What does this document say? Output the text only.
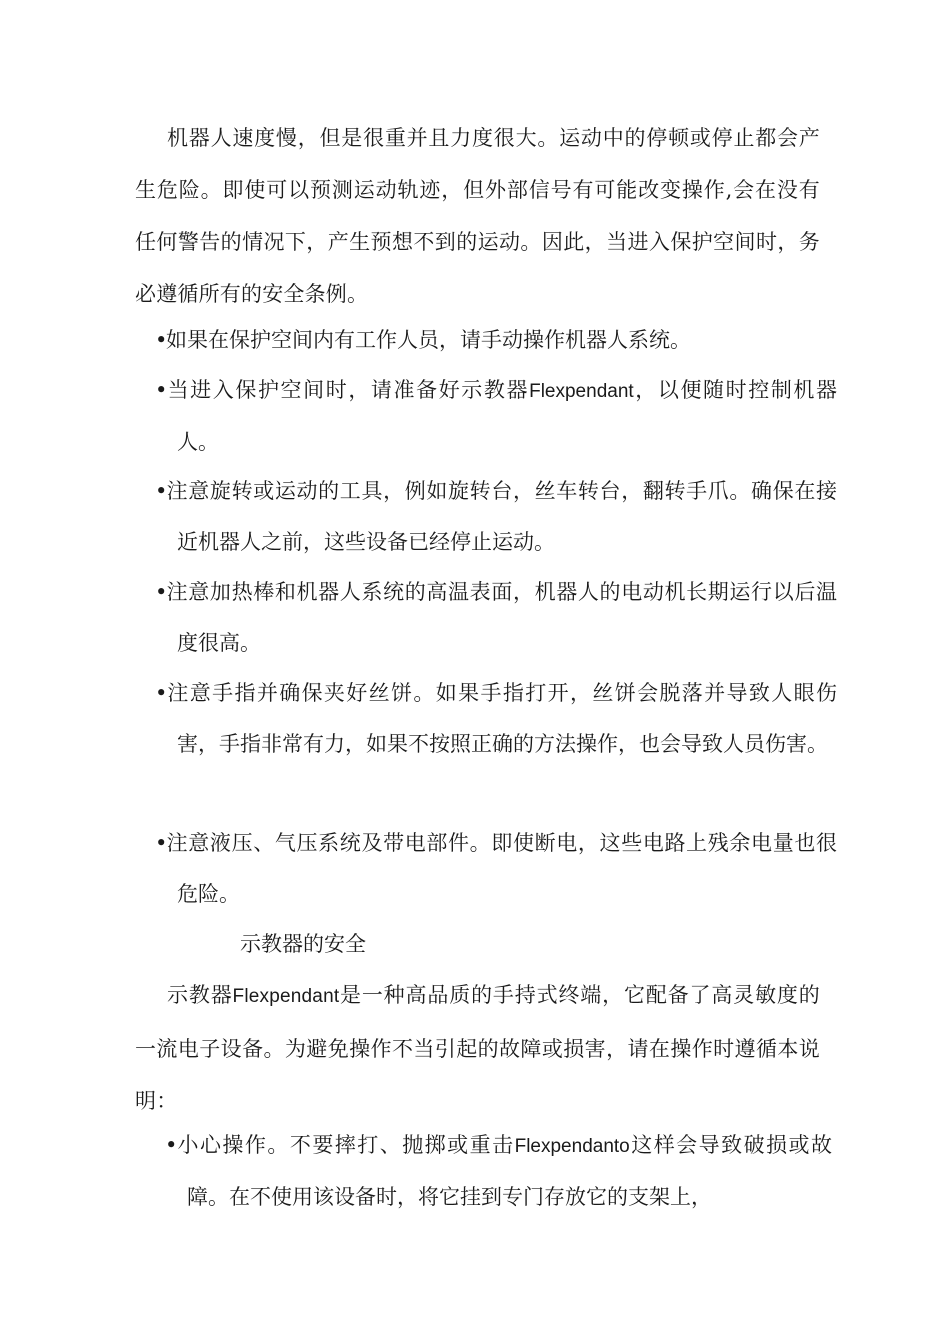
机器人速度慢，但是很重并且力度很大。运动中的停顿或停止都会产生危险。即使可以预测运动轨迹，但外部信号有可能改变操作,会在没有任何警告的情况下，产生预想不到的运动。因此，当进入保护空间时，务必遵循所有的安全条例。

•如果在保护空间内有工作人员，请手动操作机器人系统。

•当进入保护空间时，请准备好示教器Flexpendant，以便随时控制机器人。

•注意旋转或运动的工具，例如旋转台，丝车转台，翻转手爪。确保在接近机器人之前，这些设备已经停止运动。

•注意加热棒和机器人系统的高温表面，机器人的电动机长期运行以后温度很高。

•注意手指并确保夹好丝饼。如果手指打开，丝饼会脱落并导致人眼伤害，手指非常有力，如果不按照正确的方法操作，也会导致人员伤害。

•注意液压、气压系统及带电部件。即使断电，这些电路上残余电量也很危险。

示教器的安全

示教器Flexpendant是一种高品质的手持式终端，它配备了高灵敏度的一流电子设备。为避免操作不当引起的故障或损害，请在操作时遵循本说明：

•小心操作。不要摔打、抛掷或重击Flexpendanto这样会导致破损或故障。在不使用该设备时，将它挂到专门存放它的支架上，
